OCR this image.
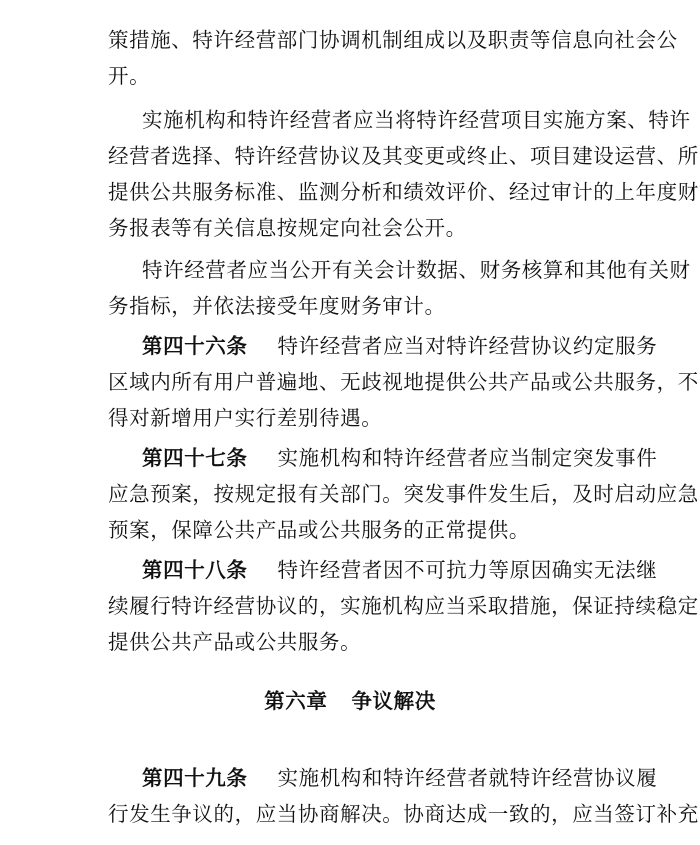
策措施、特许经营部门协调机制组成以及职责等信息向社会公
开。
实施机构和特许经营者应当将特许经营项目实施方案、特许
经营者选择、特许经营协议及其变更或终止、项目建设运营、所
提供公共服务标准、监测分析和绩效评价、经过审计的上年度财
务报表等有关信息按规定向社会公开。
特许经营者应当公开有关会计数据、财务核算和其他有关财
务指标，并依法接受年度财务审计。
第四十六条 特许经营者应当对特许经营协议约定服务
区域内所有用户普遍地、无歧视地提供公共产品或公共服务，不
得对新增用户实行差别待遇。
第四十七条 实施机构和特许经营者应当制定突发事件
应急预案，按规定报有关部门。突发事件发生后，及时启动应急
预案，保障公共产品或公共服务的正常提供。
第四十八条 特许经营者因不可抗力等原因确实无法继
续履行特许经营协议的，实施机构应当采取措施，保证持续稳定
提供公共产品或公共服务。
第六章 争议解决
第四十九条 实施机构和特许经营者就特许经营协议履
行发生争议的，应当协商解决。协商达成一致的，应当签订补充
